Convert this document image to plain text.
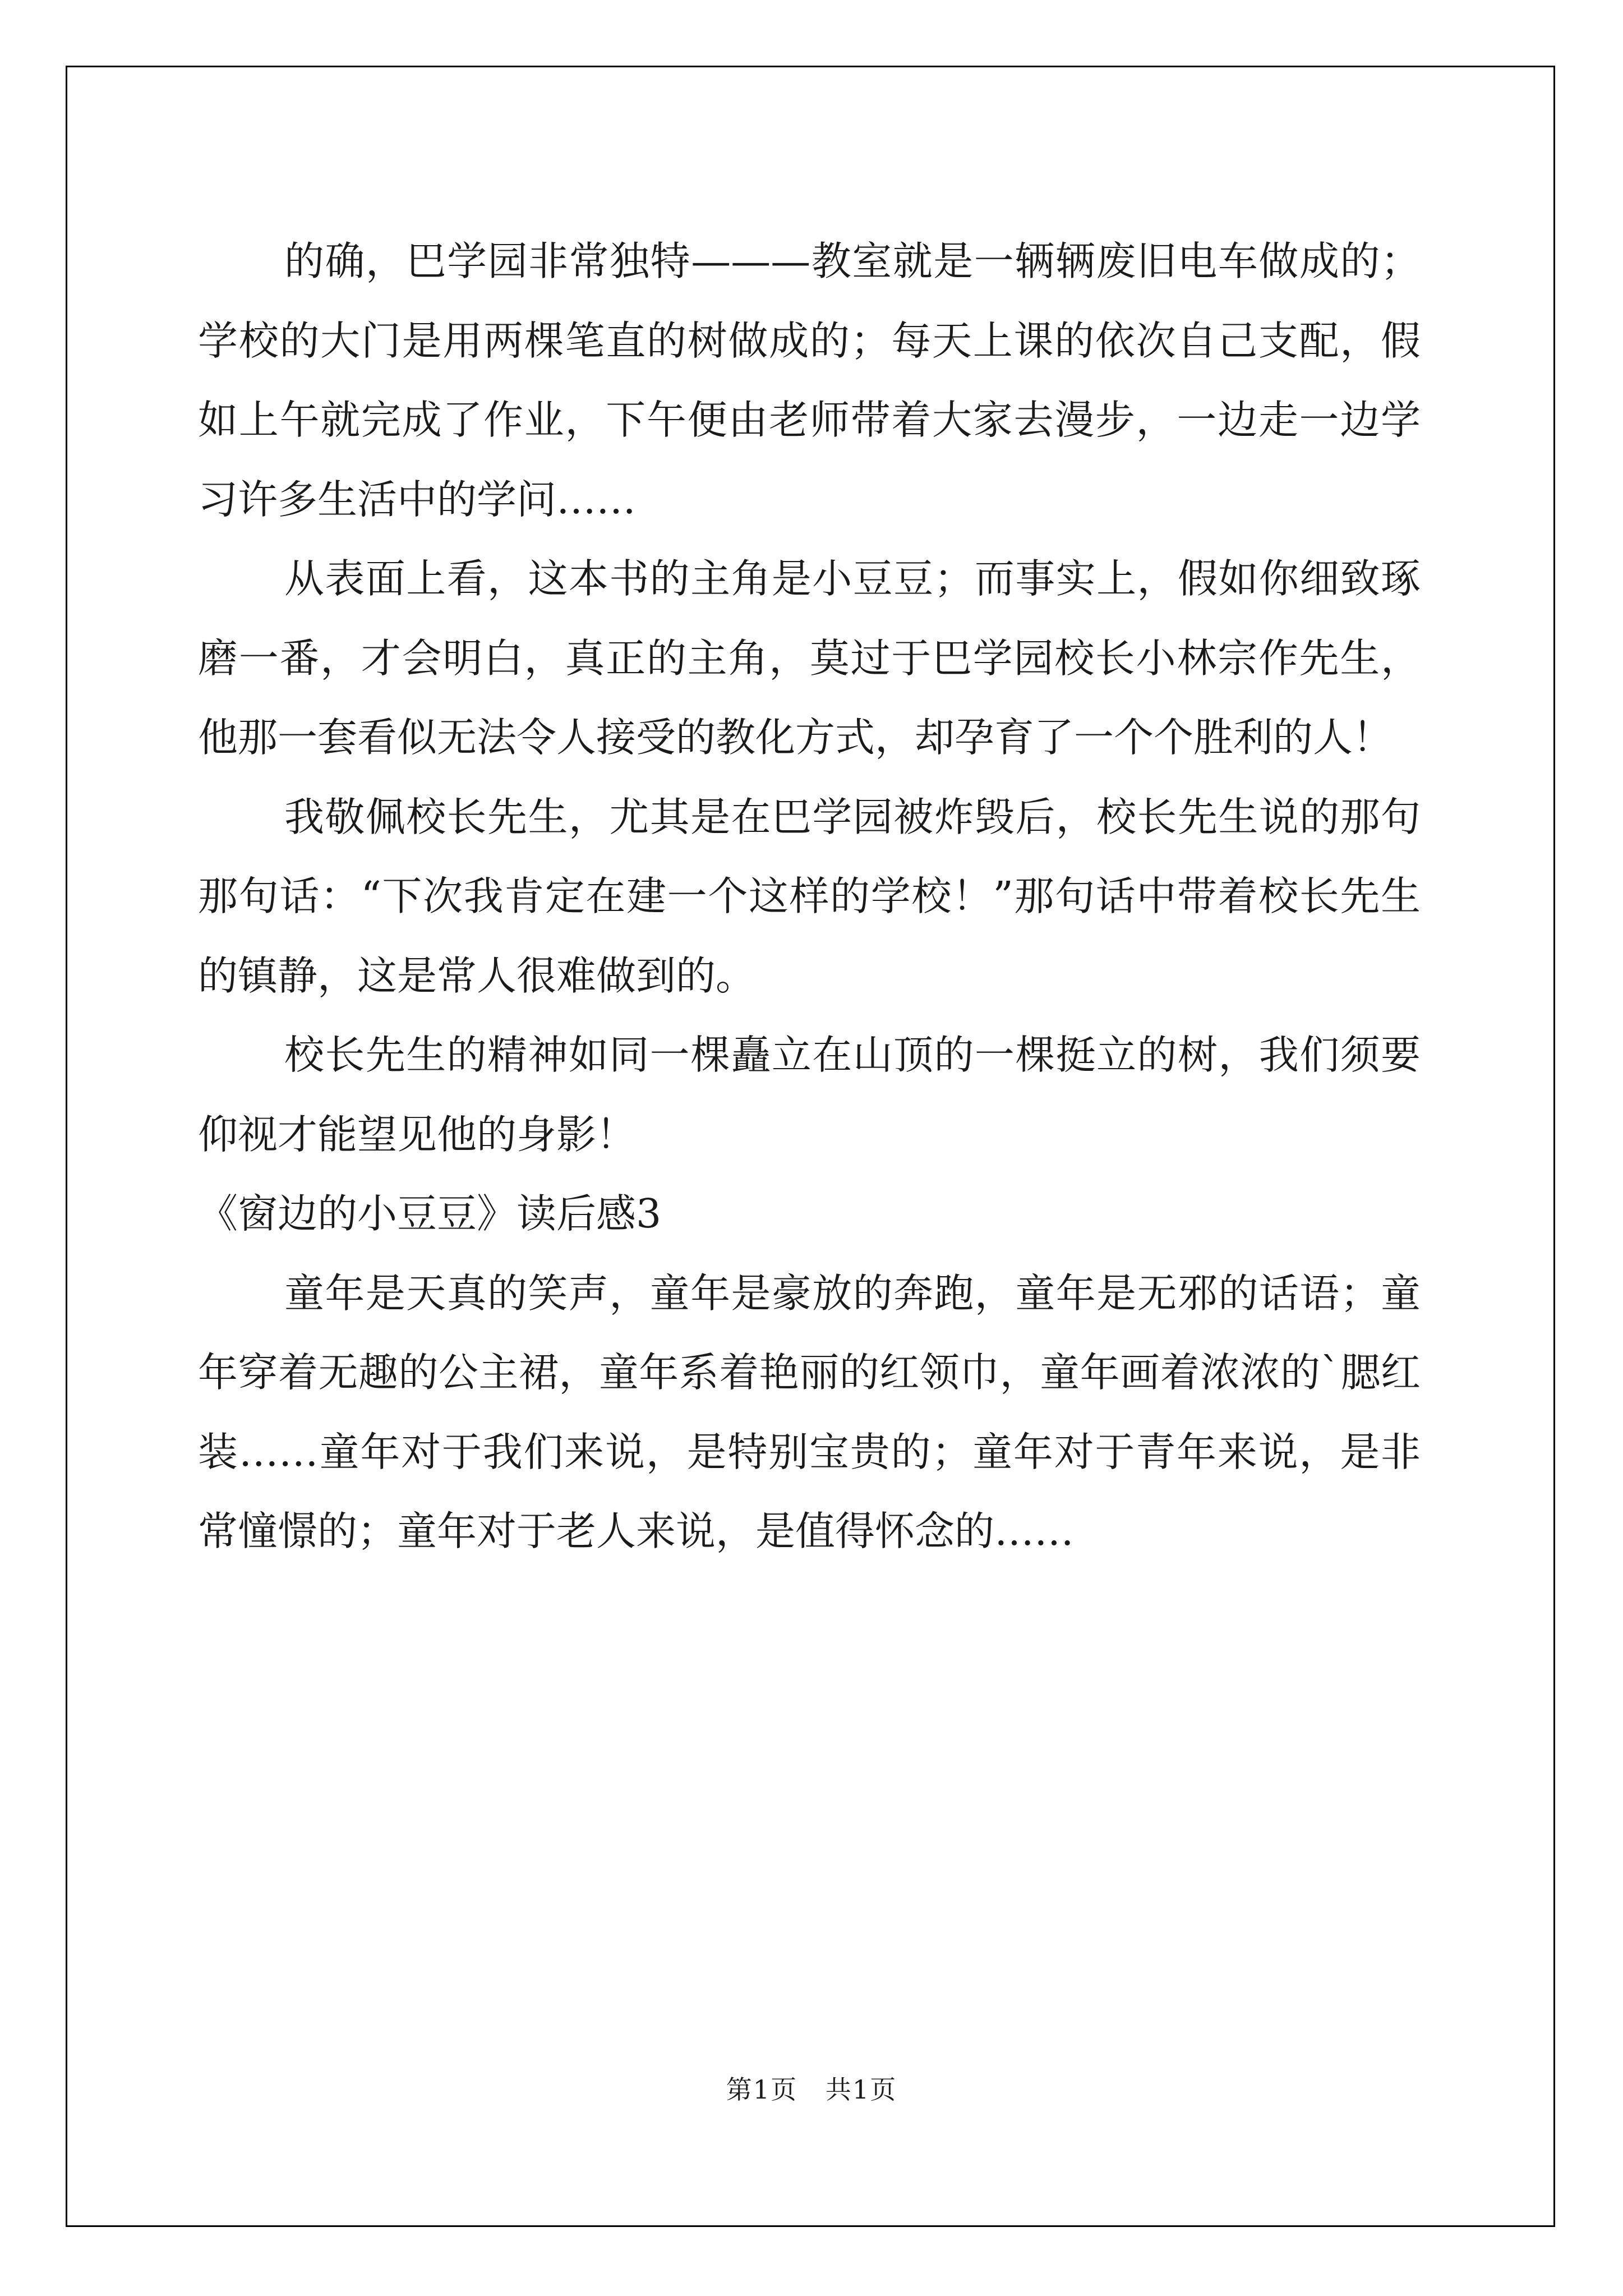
的确，巴学园非常独特———教室就是一辆辆废旧电车做成的；学校的大门是用两棵笔直的树做成的；每天上课的依次自己支配，假如上午就完成了作业，下午便由老师带着大家去漫步，一边走一边学习许多生活中的学问……

从表面上看，这本书的主角是小豆豆；而事实上，假如你细致琢磨一番，才会明白，真正的主角，莫过于巴学园校长小林宗作先生，他那一套看似无法令人接受的教化方式，却孕育了一个个胜利的人！

我敬佩校长先生，尤其是在巴学园被炸毁后，校长先生说的那句那句话：“下次我肯定在建一个这样的学校！”那句话中带着校长先生的镇静，这是常人很难做到的。

校长先生的精神如同一棵矗立在山顶的一棵挺立的树，我们须要仰视才能望见他的身影！

《窗边的小豆豆》读后感3

童年是天真的笑声，童年是豪放的奔跑，童年是无邪的话语；童年穿着无趣的公主裙，童年系着艳丽的红领巾，童年画着浓浓的`腮红装……童年对于我们来说，是特别宝贵的；童年对于青年来说，是非常憧憬的；童年对于老人来说，是值得怀念的……

第1页   共1页
